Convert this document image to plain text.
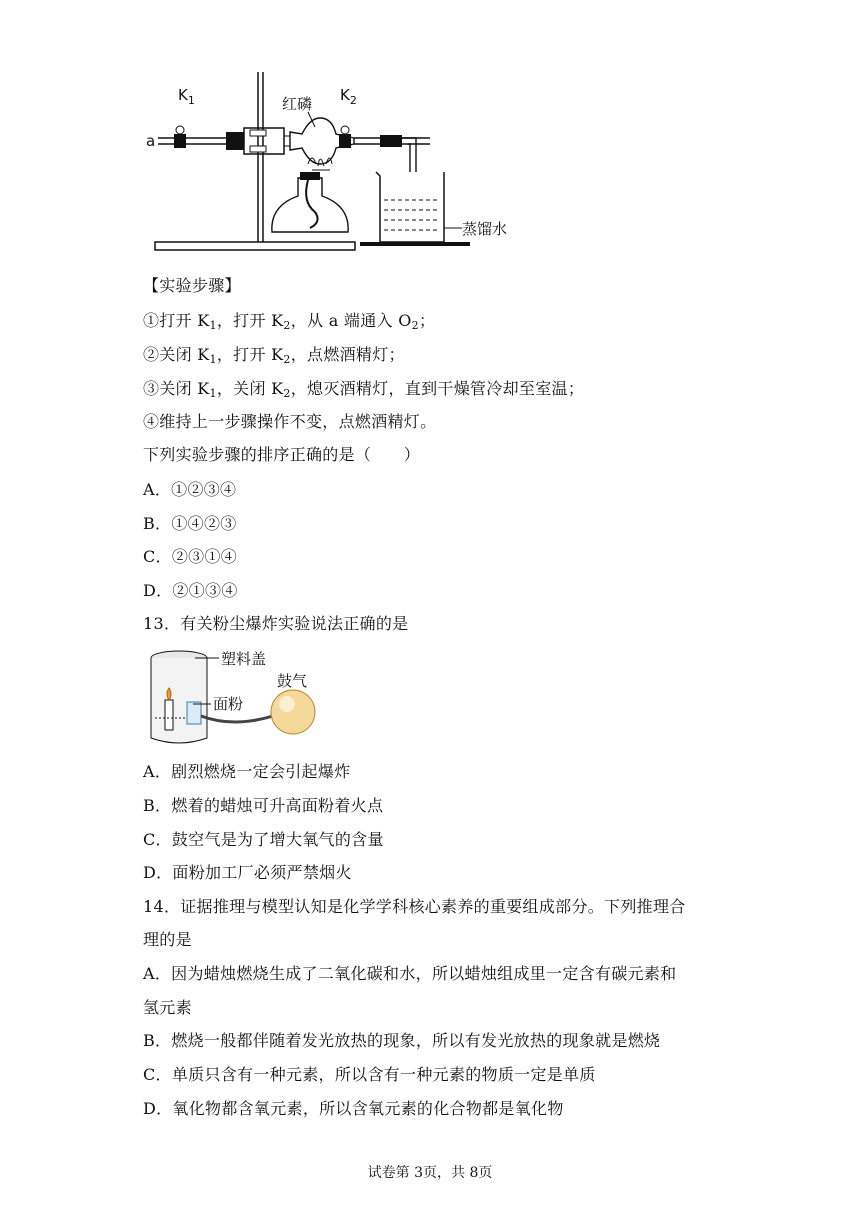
$K_1$	$K_2$
红磷
a
蒸馏水
【实验步骤】
①打开 $K_1$，打开 $K_2$，从 a 端通入 $O_2$；
②关闭 $K_1$，打开 $K_2$，点燃酒精灯；
③关闭 $K_1$，关闭 $K_2$，熄灭酒精灯，直到干燥管冷却至室温；
④维持上一步骤操作不变，点燃酒精灯。
下列实验步骤的排序正确的是（　　）
A．①②③④
B．①④②③
C．②③①④
D．②①③④
13．有关粉尘爆炸实验说法正确的是
塑料盖
面粉
鼓气
A．剧烈燃烧一定会引起爆炸
B．燃着的蜡烛可升高面粉着火点
C．鼓空气是为了增大氧气的含量
D．面粉加工厂必须严禁烟火
14．证据推理与模型认知是化学学科核心素养的重要组成部分。下列推理合
理的是
A．因为蜡烛燃烧生成了二氧化碳和水，所以蜡烛组成里一定含有碳元素和
氢元素
B．燃烧一般都伴随着发光放热的现象，所以有发光放热的现象就是燃烧
C．单质只含有一种元素，所以含有一种元素的物质一定是单质
D．氧化物都含氧元素，所以含氧元素的化合物都是氧化物
试卷第 3页，共 8页
